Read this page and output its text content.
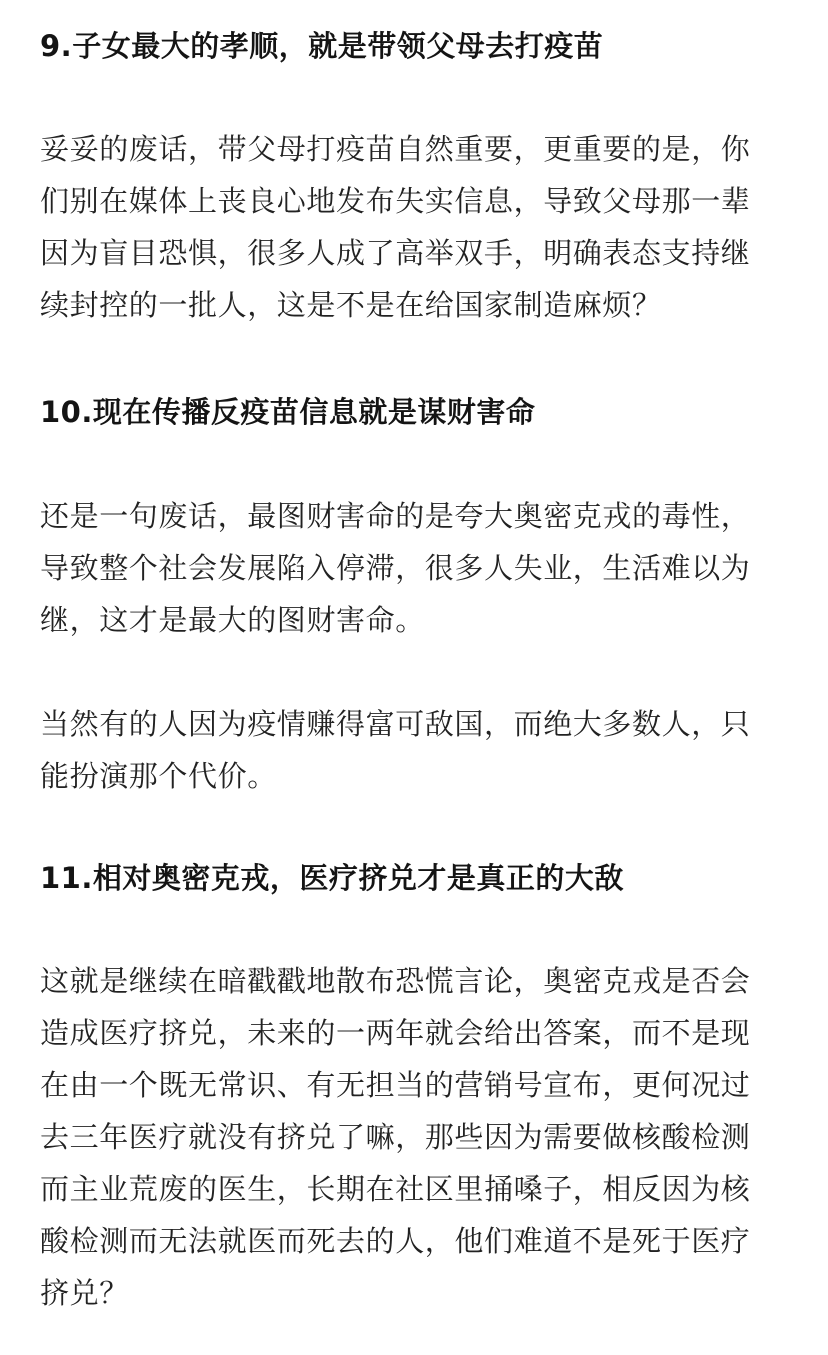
9.子女最大的孝顺，就是带领父母去打疫苗

妥妥的废话，带父母打疫苗自然重要，更重要的是，你
们别在媒体上丧良心地发布失实信息，导致父母那一辈
因为盲目恐惧，很多人成了高举双手，明确表态支持继
续封控的一批人，这是不是在给国家制造麻烦？

10.现在传播反疫苗信息就是谋财害命

还是一句废话，最图财害命的是夸大奥密克戎的毒性，
导致整个社会发展陷入停滞，很多人失业，生活难以为
继，这才是最大的图财害命。

当然有的人因为疫情赚得富可敌国，而绝大多数人，只
能扮演那个代价。

11.相对奥密克戎，医疗挤兑才是真正的大敌

这就是继续在暗戳戳地散布恐慌言论，奥密克戎是否会
造成医疗挤兑，未来的一两年就会给出答案，而不是现
在由一个既无常识、有无担当的营销号宣布，更何况过
去三年医疗就没有挤兑了嘛，那些因为需要做核酸检测
而主业荒废的医生，长期在社区里捅嗓子，相反因为核
酸检测而无法就医而死去的人，他们难道不是死于医疗
挤兑？
